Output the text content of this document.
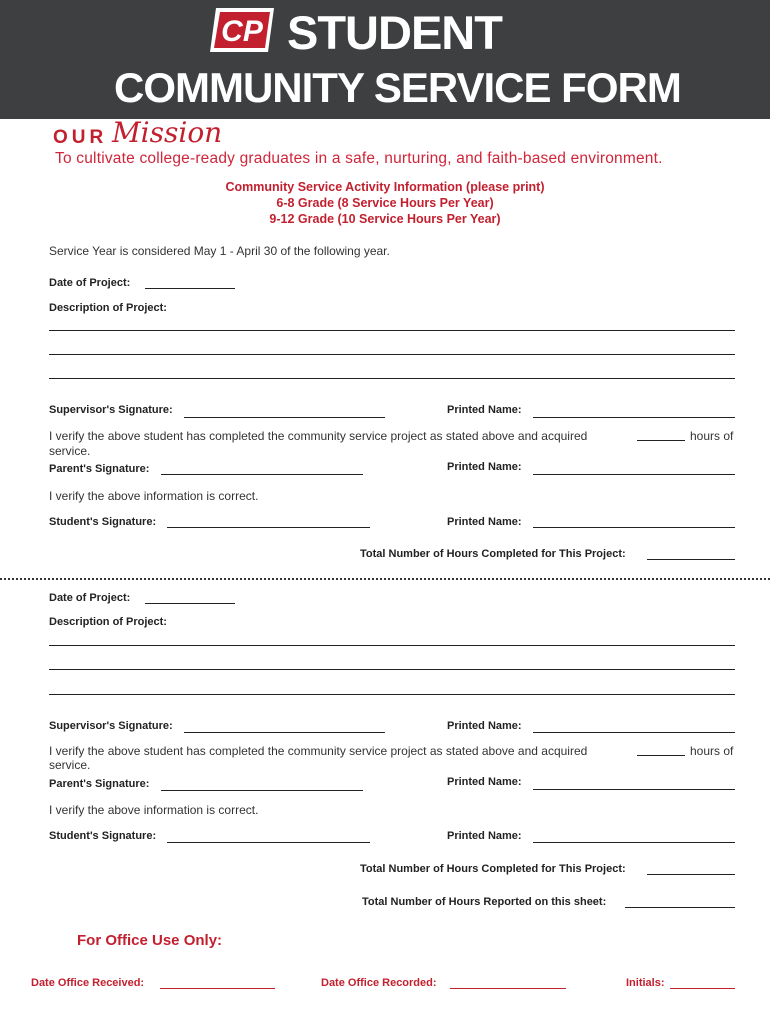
CP STUDENT
COMMUNITY SERVICE FORM
OUR Mission
To cultivate college-ready graduates in a safe, nurturing, and faith-based environment.
Community Service Activity Information (please print)
6-8 Grade (8 Service Hours Per Year)
9-12 Grade (10 Service Hours Per Year)
Service Year is considered May 1 - April 30 of the following year.
Date of Project:
Description of Project:
Supervisor's Signature:	Printed Name:
I verify the above student has completed the community service project as stated above and acquired	hours of
service.
Parent's Signature:	Printed Name:
I verify the above information is correct.
Student's Signature:	Printed Name:
Total Number of Hours Completed for This Project:
Date of Project:
Description of Project:
Supervisor's Signature:	Printed Name:
I verify the above student has completed the community service project as stated above and acquired	hours of
service.
Parent's Signature:	Printed Name:
I verify the above information is correct.
Student's Signature:	Printed Name:
Total Number of Hours Completed for This Project:
Total Number of Hours Reported on this sheet:
For Office Use Only:
Date Office Received:	Date Office Recorded:	Initials:
